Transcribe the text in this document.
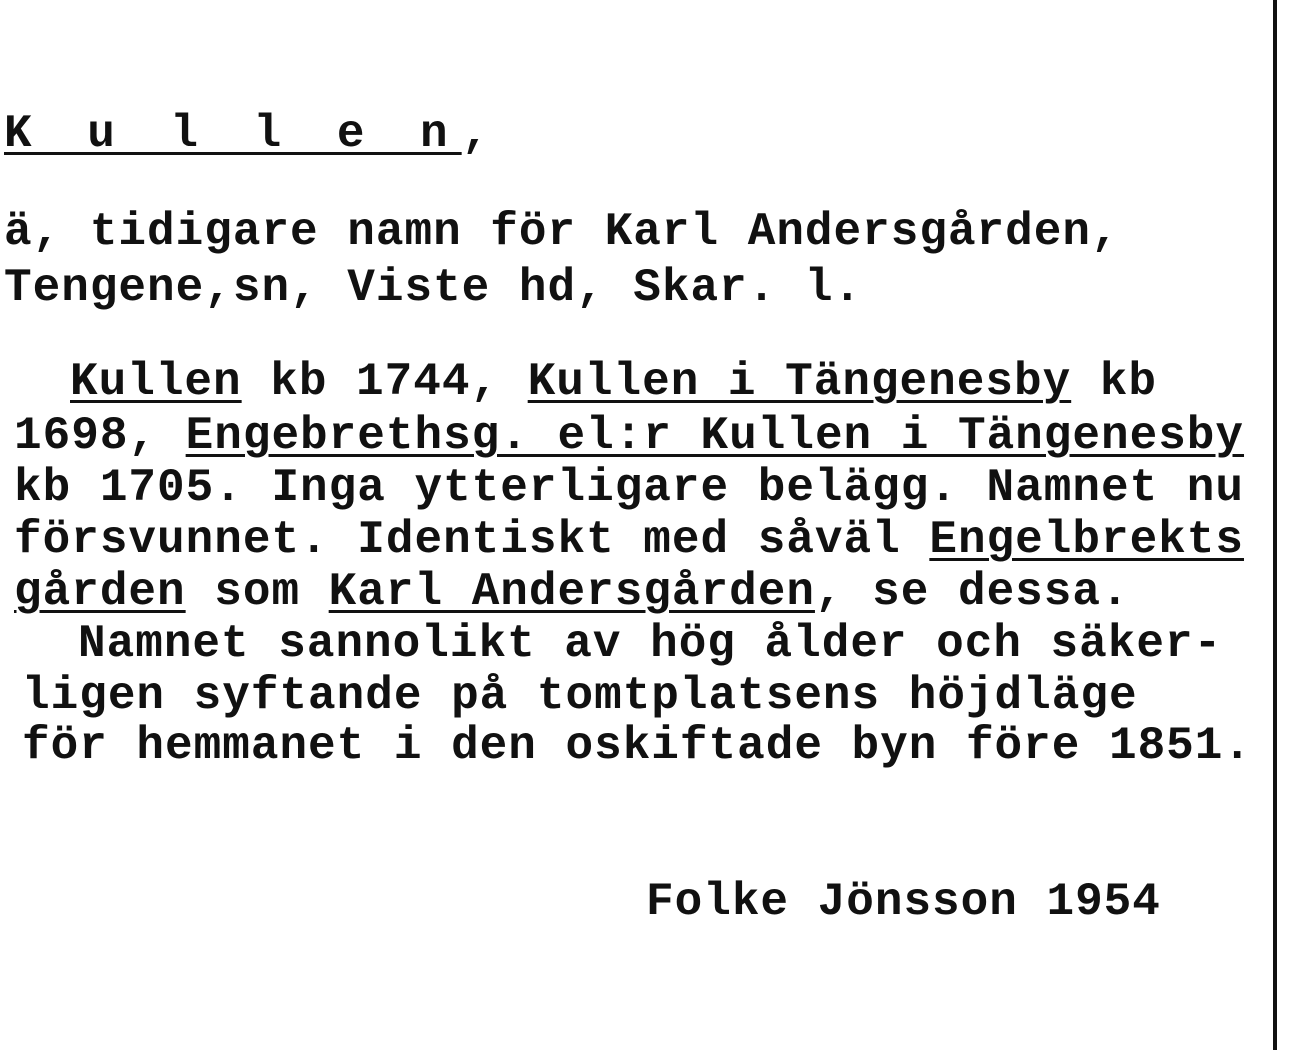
K u l l e n,
ä, tidigare namn för Karl Andersgården,
Tengene,sn, Viste hd, Skar. l.
Kullen kb 1744, Kullen i Tängenesby kb
1698, Engebrethsg. el:r Kullen i Tängenesby
kb 1705. Inga ytterligare belägg. Namnet nu
försvunnet. Identiskt med såväl Engelbrekts
gården som Karl Andersgården, se dessa.
Namnet sannolikt av hög ålder och säker-
ligen syftande på tomtplatsens höjdläge
för hemmanet i den oskiftade byn före 1851.
Folke Jönsson 1954
